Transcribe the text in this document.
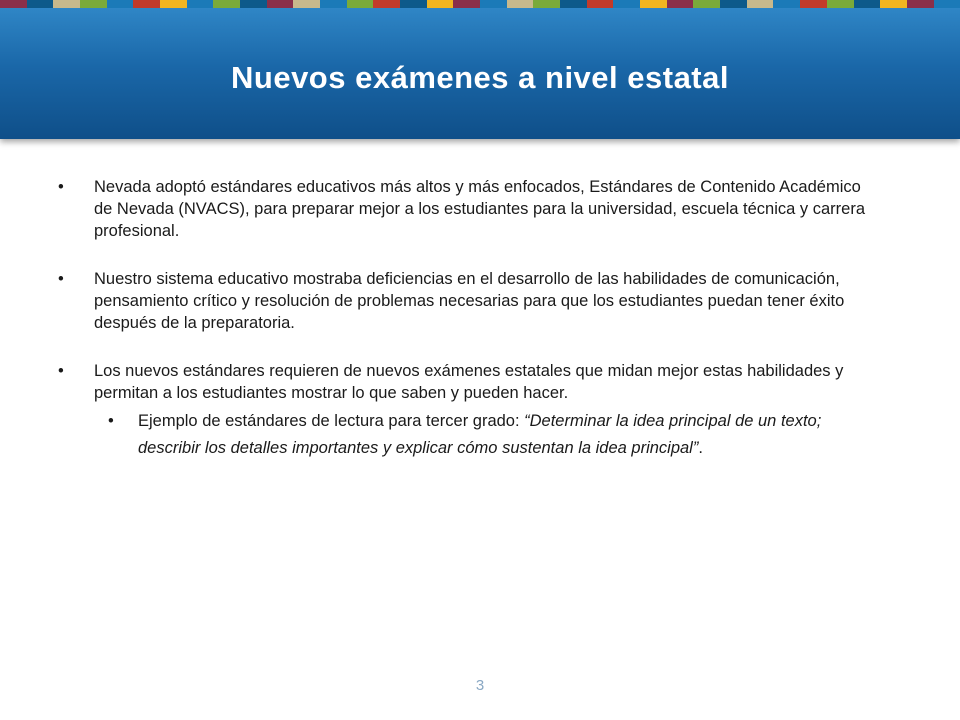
Nuevos exámenes a nivel estatal
• Nevada adoptó estándares educativos más altos y más enfocados, Estándares de Contenido Académico de Nevada (NVACS), para preparar mejor a los estudiantes para la universidad, escuela técnica y carrera profesional.
• Nuestro sistema educativo mostraba deficiencias en el desarrollo de las habilidades de comunicación, pensamiento crítico y resolución de problemas necesarias para que los estudiantes puedan tener éxito después de la preparatoria.
• Los nuevos estándares requieren de nuevos exámenes estatales que midan mejor estas habilidades y permitan a los estudiantes mostrar lo que saben y pueden hacer.
• Ejemplo de estándares de lectura para tercer grado: “Determinar la idea principal de un texto; describir los detalles importantes y explicar cómo sustentan la idea principal”.
3
